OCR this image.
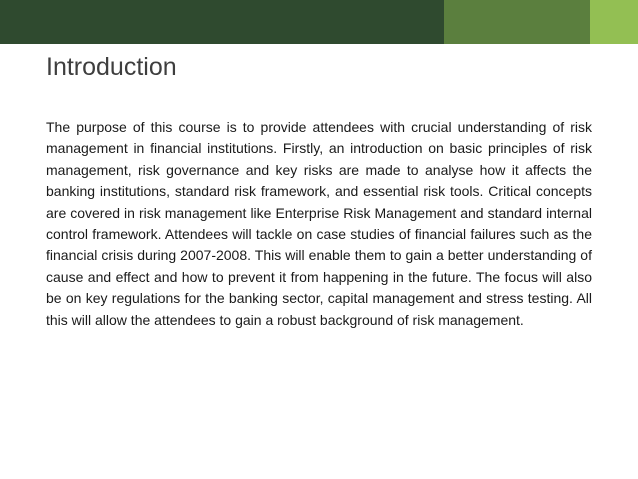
Introduction

The purpose of this course is to provide attendees with crucial understanding of risk management in financial institutions. Firstly, an introduction on basic principles of risk management, risk governance and key risks are made to analyse how it affects the banking institutions, standard risk framework, and essential risk tools. Critical concepts are covered in risk management like Enterprise Risk Management and standard internal control framework. Attendees will tackle on case studies of financial failures such as the financial crisis during 2007-2008. This will enable them to gain a better understanding of cause and effect and how to prevent it from happening in the future. The focus will also be on key regulations for the banking sector, capital management and stress testing. All this will allow the attendees to gain a robust background of risk management.
